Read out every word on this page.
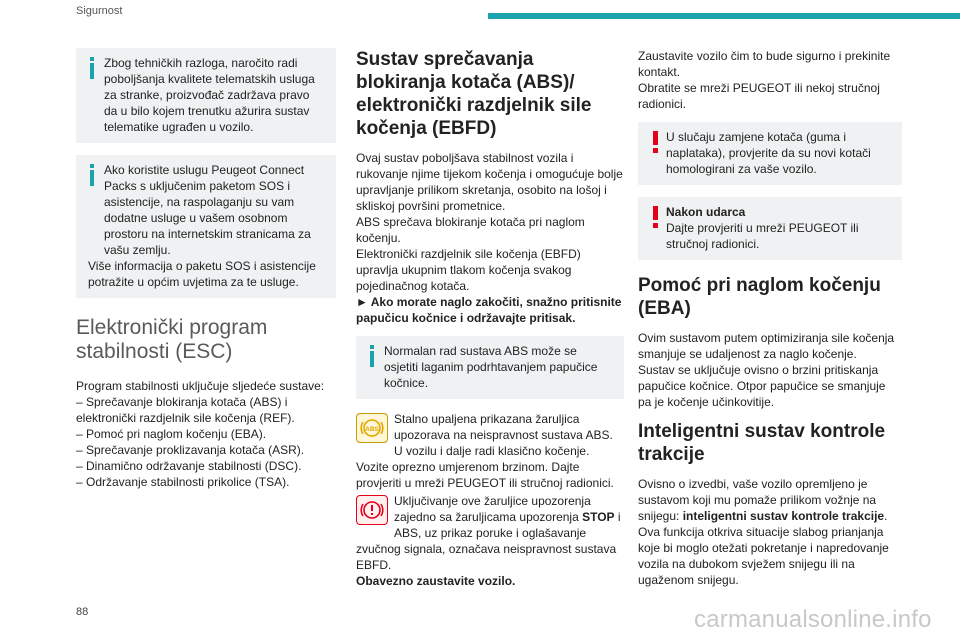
Sigurnost

Zbog tehničkih razloga, naročito radi poboljšanja kvalitete telematskih usluga za stranke, proizvođač zadržava pravo da u bilo kojem trenutku ažurira sustav telematike ugrađen u vozilo.

Ako koristite uslugu Peugeot Connect Packs s uključenim paketom SOS i asistencije, na raspolaganju su vam dodatne usluge u vašem osobnom prostoru na internetskim stranicama za vašu zemlju.

Više informacija o paketu SOS i asistencije potražite u općim uvjetima za te usluge.

Elektronički program stabilnosti (ESC)

Program stabilnosti uključuje sljedeće sustave:

– Sprečavanje blokiranja kotača (ABS) i elektronički razdjelnik sile kočenja (REF).
– Pomoć pri naglom kočenju (EBA).
– Sprečavanje proklizavanja kotača (ASR).
– Dinamično održavanje stabilnosti (DSC).
– Održavanje stabilnosti prikolice (TSA).
Sustav sprečavanja blokiranja kotača (ABS)/ elektronički razdjelnik sile kočenja (EBFD)

Ovaj sustav poboljšava stabilnost vozila i rukovanje njime tijekom kočenja i omogućuje bolje upravljanje prilikom skretanja, osobito na lošoj i skliskoj površini prometnice.

ABS sprečava blokiranje kotača pri naglom kočenju.

Elektronički razdjelnik sile kočenja (EBFD) upravlja ukupnim tlakom kočenja svakog pojedinačnog kotača.

► Ako morate naglo zakočiti, snažno pritisnite papučicu kočnice i održavajte pritisak.

Normalan rad sustava ABS može se osjetiti laganim podrhtavanjem papučice kočnice.

ABS

Stalno upaljena prikazana žaruljica upozorava na neispravnost sustava ABS. U vozilu i dalje radi klasično kočenje. Vozite oprezno umjerenom brzinom. Dajte provjeriti u mreži PEUGEOT ili stručnoj radionici.

Uključivanje ove žaruljice upozorenja zajedno sa žaruljicama upozorenja STOP i ABS, uz prikaz poruke i oglašavanje zvučnog signala, označava neispravnost sustava EBFD.

Obavezno zaustavite vozilo.

Zaustavite vozilo čim to bude sigurno i prekinite kontakt.

Obratite se mreži PEUGEOT ili nekoj stručnoj radionici.

U slučaju zamjene kotača (guma i naplataka), provjerite da su novi kotači homologirani za vaše vozilo.

Nakon udarca

Dajte provjeriti u mreži PEUGEOT ili stručnoj radionici.

Pomoć pri naglom kočenju (EBA)

Ovim sustavom putem optimiziranja sile kočenja smanjuje se udaljenost za naglo kočenje.

Sustav se uključuje ovisno o brzini pritiskanja papučice kočnice. Otpor papučice se smanjuje pa je kočenje učinkovitije.

Inteligentni sustav kontrole trakcije

Ovisno o izvedbi, vaše vozilo opremljeno je sustavom koji mu pomaže prilikom vožnje na snijegu: inteligentni sustav kontrole trakcije. Ova funkcija otkriva situacije slabog prianjanja koje bi moglo otežati pokretanje i napredovanje vozila na dubokom svježem snijegu ili na ugaženom snijegu.

88	carmanualsonline.info
